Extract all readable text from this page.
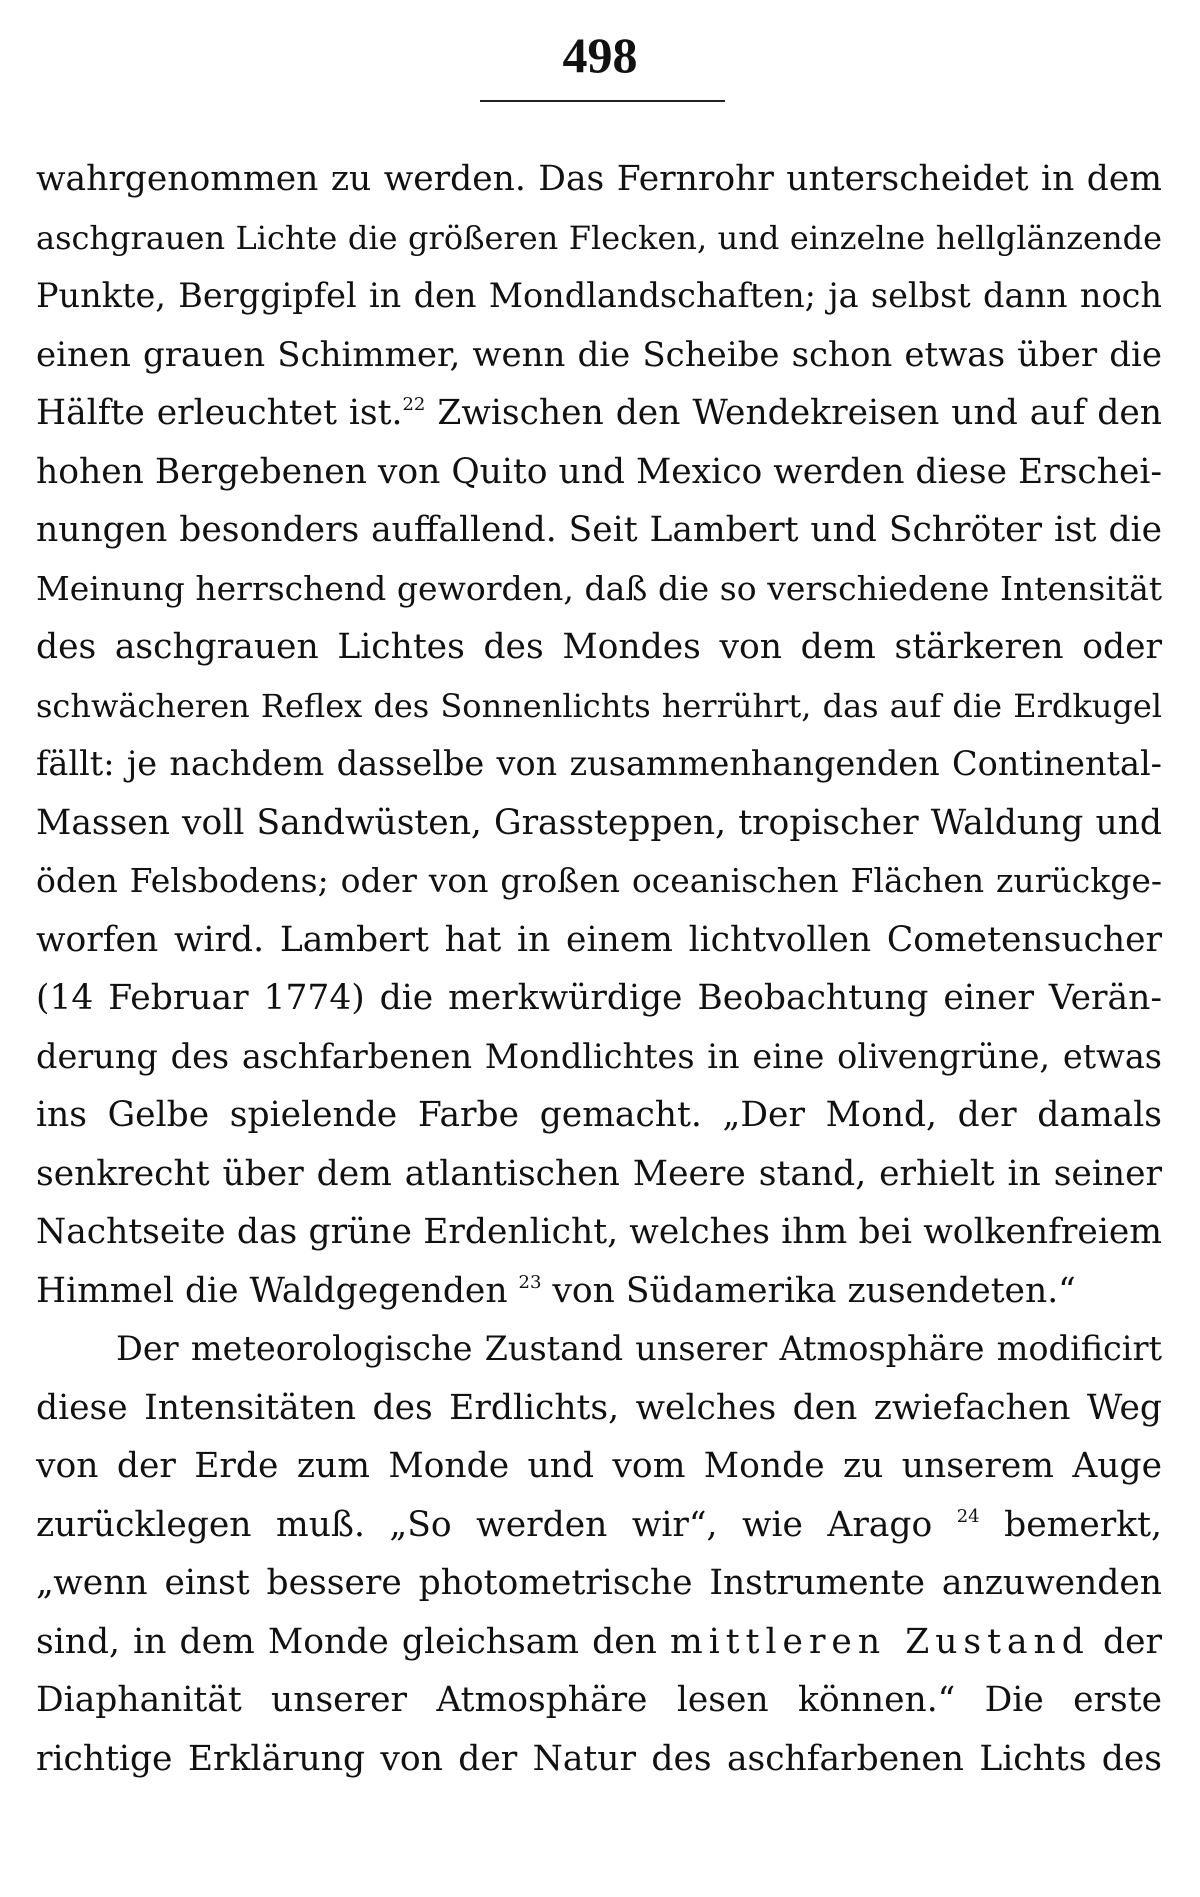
498
wahrgenommen zu werden. Das Fernrohr unterscheidet in dem
aschgrauen Lichte die größeren Flecken, und einzelne hellglänzende
Punkte, Berggipfel in den Mondlandschaften; ja selbst dann noch
einen grauen Schimmer, wenn die Scheibe schon etwas über die
Hälfte erleuchtet ist.$^{22}$ Zwischen den Wendekreisen und auf den
hohen Bergebenen von Quito und Mexico werden diese Erschei-
nungen besonders auffallend. Seit Lambert und Schröter ist die
Meinung herrschend geworden, daß die so verschiedene Intensität
des aschgrauen Lichtes des Mondes von dem stärkeren oder
schwächeren Reflex des Sonnenlichts herrührt, das auf die Erdkugel
fällt: je nachdem dasselbe von zusammenhangenden Continental-
Massen voll Sandwüsten, Grassteppen, tropischer Waldung und
öden Felsbodens; oder von großen oceanischen Flächen zurückge-
worfen wird. Lambert hat in einem lichtvollen Cometensucher
(14 Februar 1774) die merkwürdige Beobachtung einer Verän-
derung des aschfarbenen Mondlichtes in eine olivengrüne, etwas
ins Gelbe spielende Farbe gemacht. „Der Mond, der damals
senkrecht über dem atlantischen Meere stand, erhielt in seiner
Nachtseite das grüne Erdenlicht, welches ihm bei wolkenfreiem
Himmel die Waldgegenden $^{23}$ von Südamerika zusendeten.“
Der meteorologische Zustand unserer Atmosphäre modificirt
diese Intensitäten des Erdlichts, welches den zwiefachen Weg
von der Erde zum Monde und vom Monde zu unserem Auge
zurücklegen muß. „So werden wir“, wie Arago $^{24}$ bemerkt,
„wenn einst bessere photometrische Instrumente anzuwenden
sind, in dem Monde gleichsam den mittleren Zustand der
Diaphanität unserer Atmosphäre lesen können.“ Die erste
richtige Erklärung von der Natur des aschfarbenen Lichts des
